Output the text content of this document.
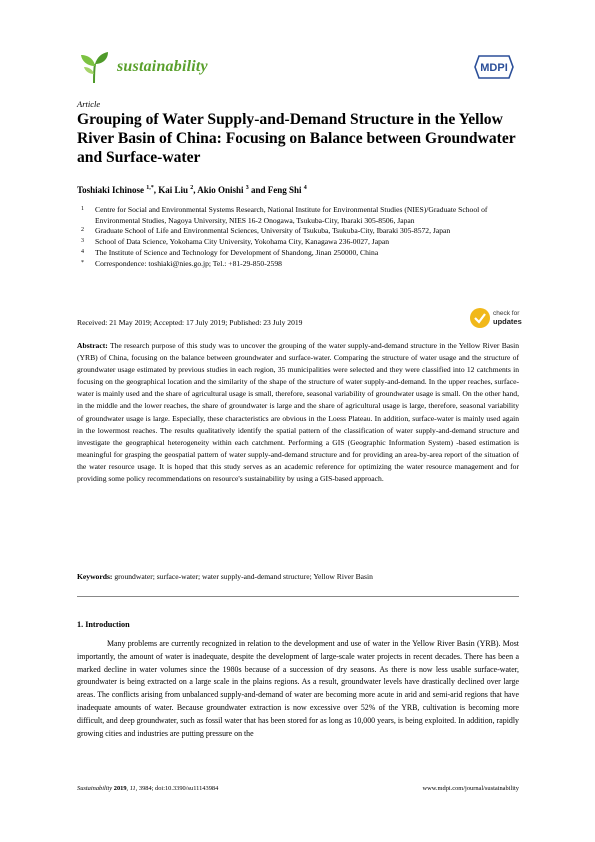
sustainability	MDPI
Article
Grouping of Water Supply-and-Demand Structure in the Yellow River Basin of China: Focusing on Balance between Groundwater and Surface-water
Toshiaki Ichinose $^{1,*}$, Kai Liu $^2$, Akio Onishi $^3$ and Feng Shi $^4$
1	Centre for Social and Environmental Systems Research, National Institute for Environmental Studies (NIES)/Graduate School of Environmental Studies, Nagoya University, NIES 16-2 Onogawa, Tsukuba-City, Ibaraki 305-8506, Japan
2	Graduate School of Life and Environmental Sciences, University of Tsukuba, Tsukuba-City, Ibaraki 305-8572, Japan
3	School of Data Science, Yokohama City University, Yokohama City, Kanagawa 236-0027, Japan
4	The Institute of Science and Technology for Development of Shandong, Jinan 250000, China
*	Correspondence: toshiaki@nies.go.jp; Tel.: +81-29-850-2598
Received: 21 May 2019; Accepted: 17 July 2019; Published: 23 July 2019
check for
updates

Abstract: The research purpose of this study was to uncover the grouping of the water supply-and-demand structure in the Yellow River Basin (YRB) of China, focusing on the balance between groundwater and surface-water. Comparing the structure of water usage and the structure of groundwater usage estimated by previous studies in each region, 35 municipalities were selected and they were classified into 12 catchments in focusing on the geographical location and the similarity of the shape of the structure of water supply-and-demand. In the upper reaches, surface-water is mainly used and the share of agricultural usage is small, therefore, seasonal variability of groundwater usage is small. On the other hand, in the middle and the lower reaches, the share of groundwater is large and the share of agricultural usage is large, therefore, seasonal variability of groundwater usage is large. Especially, these characteristics are obvious in the Loess Plateau. In addition, surface-water is mainly used again in the lowermost reaches. The results qualitatively identify the spatial pattern of the classification of water supply-and-demand structure and investigate the geographical heterogeneity within each catchment. Performing a GIS (Geographic Information System) -based estimation is meaningful for grasping the geospatial pattern of water supply-and-demand structure and for providing an area-by-area report of the situation of the water resource usage. It is hoped that this study serves as an academic reference for optimizing the water resource management and for providing some policy recommendations on resource's sustainability by using a GIS-based approach.

Keywords: groundwater; surface-water; water supply-and-demand structure; Yellow River Basin

1. Introduction

Many problems are currently recognized in relation to the development and use of water in the Yellow River Basin (YRB). Most importantly, the amount of water is inadequate, despite the development of large-scale water projects in recent decades. There has been a marked decline in water volumes since the 1980s because of a succession of dry seasons. As there is now less usable surface-water, groundwater is being extracted on a large scale in the plains regions. As a result, groundwater levels have drastically declined over large areas. The conflicts arising from unbalanced supply-and-demand of water are becoming more acute in arid and semi-arid regions that have inadequate amounts of water. Because groundwater extraction is now excessive over 52% of the YRB, cultivation is becoming more difficult, and deep groundwater, such as fossil water that has been stored for as long as 10,000 years, is being exploited. In addition, rapidly growing cities and industries are putting pressure on the

Sustainability 2019, 11, 3984; doi:10.3390/su11143984	www.mdpi.com/journal/sustainability
